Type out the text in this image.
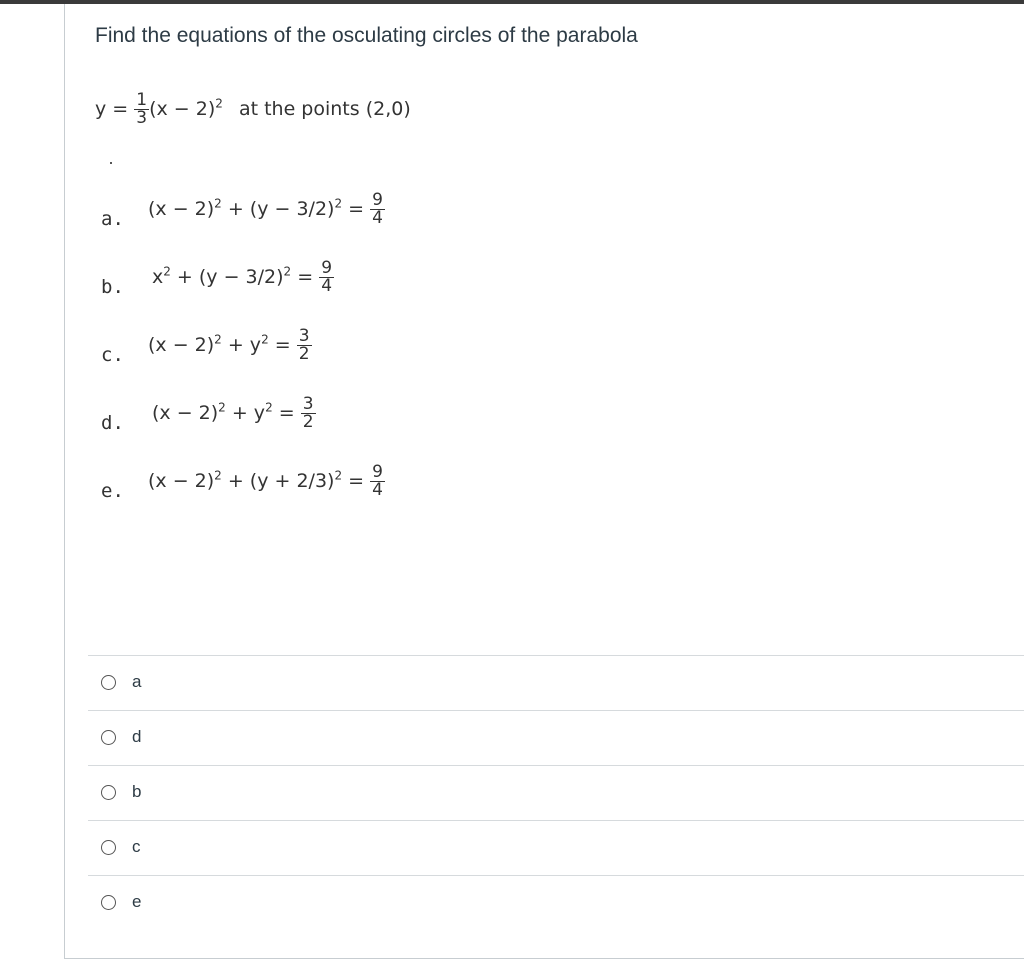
Find the equations of the osculating circles of the parabola
$y = \frac{1}{3} (x - 2)^2$ at the points (2,0)
a. $(x - 2)^2 + (y - 3/2)^2 = \frac{9}{4}$
b. $x^2 + (y - 3/2)^2 = \frac{9}{4}$
c. $(x - 2)^2 + y^2 = \frac{3}{2}$
d. $(x - 2)^2 + y^2 = \frac{3}{2}$
e. $(x - 2)^2 + (y + 2/3)^2 = \frac{9}{4}$
a
d
b
c
e
